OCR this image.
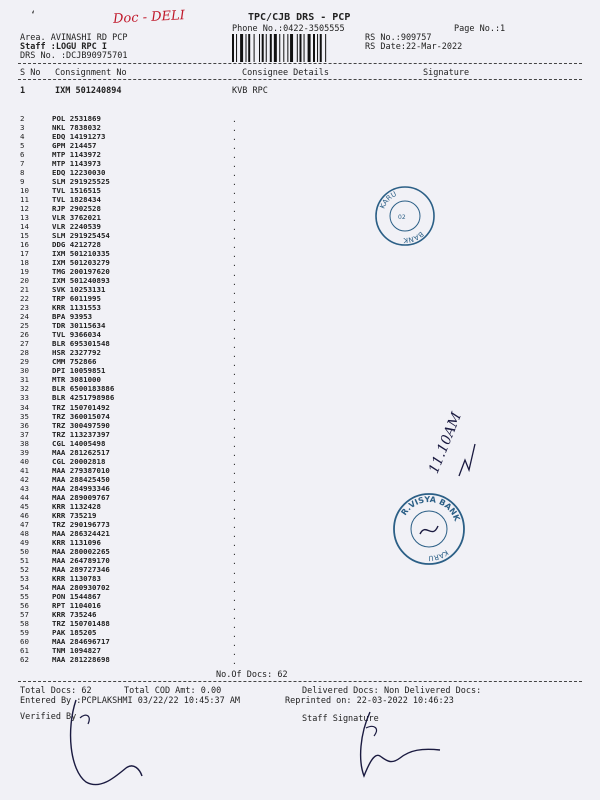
Doc - DELI
‘	TPC/CJB DRS - PCP
Phone No.:0422-3505555	Page No.:1
Area. AVINASHI RD PCP
Staff :LOGU RPC I
DRS No. :DCJB90975701
RS No.:909757
RS Date:22-Mar-2022
S No Consignment No	Consignee Details	Signature
1	IXM 501240894	KVB RPC
2	POL 2531869
3	NKL 7838032
4	EDQ 14191273
5	GPM 214457
6	MTP 1143972
7	MTP 1143973
8	EDQ 12230030
9	SLM 291925525
10	TVL 1516515
11	TVL 1828434
12	RJP 2902528
13	VLR 3762021
14	VLR 2240539
15	SLM 291925454
16	DDG 4212728
17	IXM 501210335
18	IXM 501203279
19	TMG 200197620
20	IXM 501240893
21	SVK 10253131
22	TRP 6011995
23	KRR 1131553
24	BPA 93953
25	TDR 30115634
26	TVL 9366034
27	BLR 695301548
28	HSR 2327792
29	CMM 752866
30	DPI 10059851
31	MTR 3081000
32	BLR 6500183886
33	BLR 4251798986
34	TRZ 150701492
35	TRZ 360015074
36	TRZ 300497590
37	TRZ 113237397
38	CGL 14005498
39	MAA 281262517
40	CGL 20002818
41	MAA 279387010
42	MAA 288425450
43	MAA 284993346
44	MAA 289009767
45	KRR 1132428
46	KRR 735219
47	TRZ 290196773
48	MAA 286324421
49	KRR 1131096
50	MAA 280002265
51	MAA 264789170
52	MAA 289727346
53	KRR 1130783
54	MAA 280930702
55	PON 1544867
56	RPT 1104016
57	KRR 735246
58	TRZ 150701488
59	PAK 185205
60	MAA 284696717
61	TNM 1094827
62	MAA 281228698
.
.
.
.
.
.
.
.
.
.
.
.
.
.
.
.
.
.
.
.
.
.
.
.
.
.
.
.
.
.
.
.
.
.
.
.
.
.
.
.
.
.
.
.
.
.
.
.
.
.
.
.
.
.
.
.
.
.
.
.
.
KARU
BANK
02
R.VISYA BANK
KARU
11.10AM
No.Of Docs: 62
Total Docs: 62	Total COD Amt: 0.00	Delivered Docs: Non Delivered Docs:
Entered By :PCPLAKSHMI 03/22/22 10:45:37 AM	Reprinted on: 22-03-2022 10:46:23
Verified By	Staff Signature
